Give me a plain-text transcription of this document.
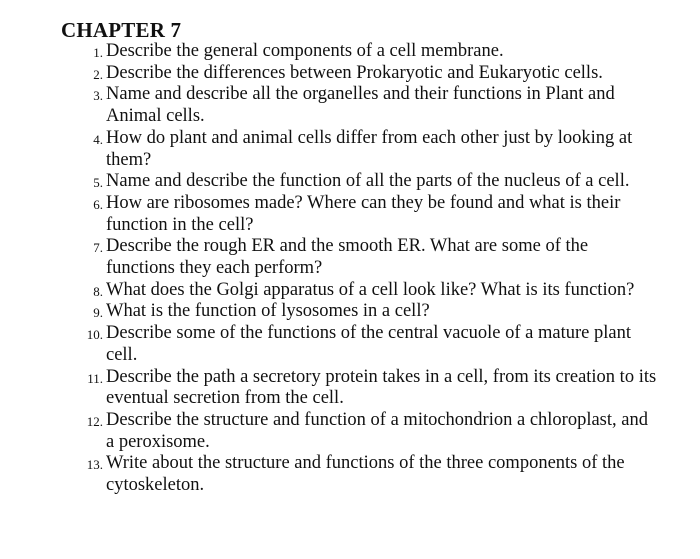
CHAPTER 7
1. Describe the general components of a cell membrane.
2. Describe the differences between Prokaryotic and Eukaryotic cells.
3. Name and describe all the organelles and their functions in Plant and Animal cells.
4. How do plant and animal cells differ from each other just by looking at them?
5. Name and describe the function of all the parts of the nucleus of a cell.
6. How are ribosomes made? Where can they be found and what is their function in the cell?
7. Describe the rough ER and the smooth ER. What are some of the functions they each perform?
8. What does the Golgi apparatus of a cell look like? What is its function?
9. What is the function of lysosomes in a cell?
10. Describe some of the functions of the central vacuole of a mature plant cell.
11. Describe the path a secretory protein takes in a cell, from its creation to its eventual secretion from the cell.
12. Describe the structure and function of a mitochondrion a chloroplast, and a peroxisome.
13. Write about the structure and functions of the three components of the cytoskeleton.
